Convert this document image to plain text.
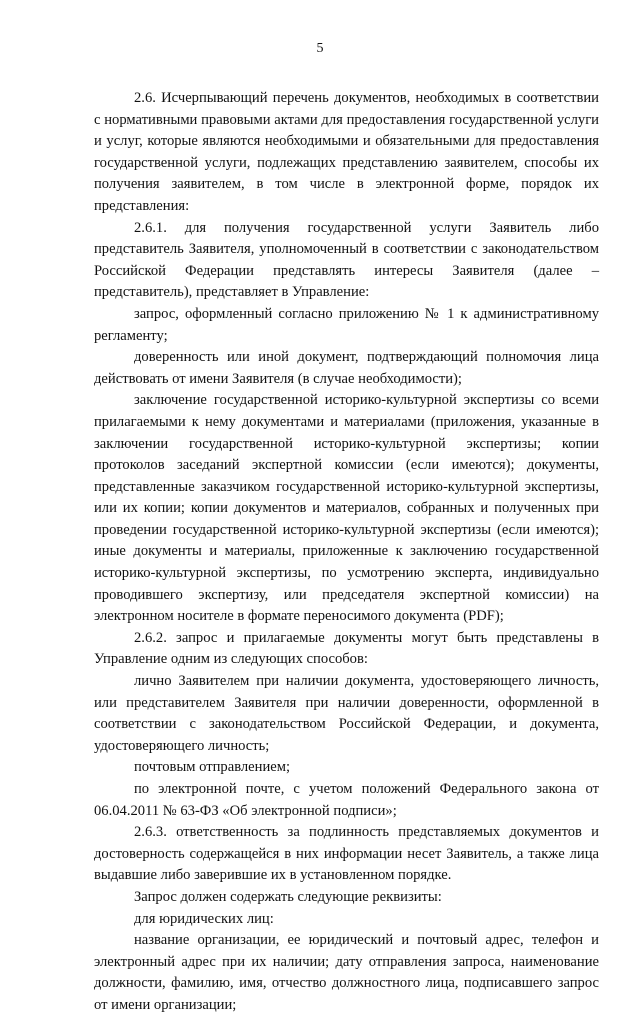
5

2.6. Исчерпывающий перечень документов, необходимых в соответствии с нормативными правовыми актами для предоставления государственной услуги и услуг, которые являются необходимыми и обязательными для предоставления государственной услуги, подлежащих представлению заявителем, способы их получения заявителем, в том числе в электронной форме, порядок их представления:

2.6.1. для получения государственной услуги Заявитель либо представитель Заявителя, уполномоченный в соответствии с законодательством Российской Федерации представлять интересы Заявителя (далее – представитель), представляет в Управление:

запрос, оформленный согласно приложению № 1 к административному регламенту;

доверенность или иной документ, подтверждающий полномочия лица действовать от имени Заявителя (в случае необходимости);

заключение государственной историко-культурной экспертизы со всеми прилагаемыми к нему документами и материалами (приложения, указанные в заключении государственной историко-культурной экспертизы; копии протоколов заседаний экспертной комиссии (если имеются); документы, представленные заказчиком государственной историко-культурной экспертизы, или их копии; копии документов и материалов, собранных и полученных при проведении государственной историко-культурной экспертизы (если имеются); иные документы и материалы, приложенные к заключению государственной историко-культурной экспертизы, по усмотрению эксперта, индивидуально проводившего экспертизу, или председателя экспертной комиссии) на электронном носителе в формате переносимого документа (PDF);

2.6.2. запрос и прилагаемые документы могут быть представлены в Управление одним из следующих способов:

лично Заявителем при наличии документа, удостоверяющего личность, или представителем Заявителя при наличии доверенности, оформленной в соответствии с законодательством Российской Федерации, и документа, удостоверяющего личность;

почтовым отправлением;

по электронной почте, с учетом положений Федерального закона от 06.04.2011 № 63-ФЗ «Об электронной подписи»;

2.6.3. ответственность за подлинность представляемых документов и достоверность содержащейся в них информации несет Заявитель, а также лица выдавшие либо заверившие их в установленном порядке.

Запрос должен содержать следующие реквизиты:

для юридических лиц:

название организации, ее юридический и почтовый адрес, телефон и электронный адрес при их наличии; дату отправления запроса, наименование должности, фамилию, имя, отчество должностного лица, подписавшего запрос от имени организации;
